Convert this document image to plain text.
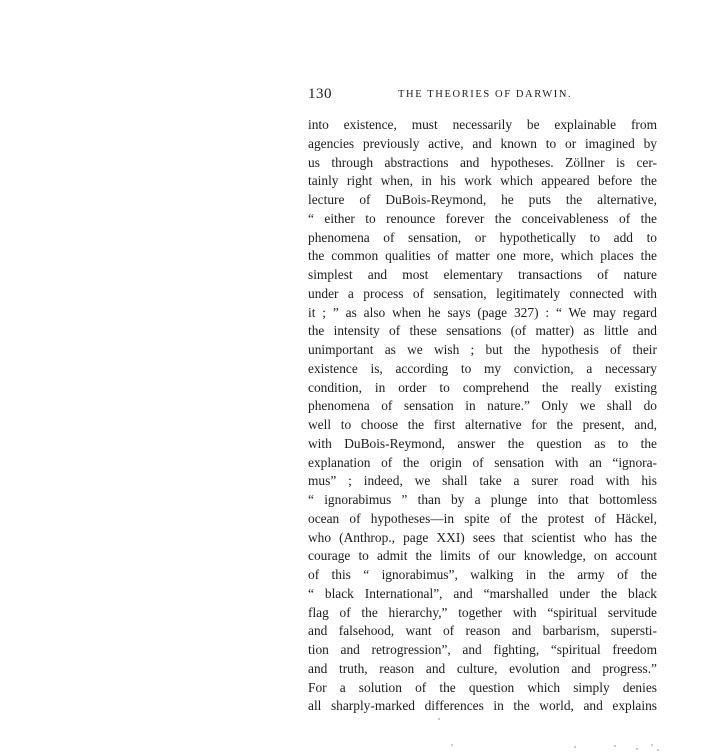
130	THE THEORIES OF DARWIN.
into existence, must necessarily be explainable from
agencies previously active, and known to or imagined by
us through abstractions and hypotheses. Zöllner is cer-
tainly right when, in his work which appeared before the
lecture of DuBois-Reymond, he puts the alternative,
“ either to renounce forever the conceivableness of the
phenomena of sensation, or hypothetically to add to
the common qualities of matter one more, which places the
simplest and most elementary transactions of nature
under a process of sensation, legitimately connected with
it ; ” as also when he says (page 327) : “ We may regard
the intensity of these sensations (of matter) as little and
unimportant as we wish ; but the hypothesis of their
existence is, according to my conviction, a necessary
condition, in order to comprehend the really existing
phenomena of sensation in nature.” Only we shall do
well to choose the first alternative for the present, and,
with DuBois-Reymond, answer the question as to the
explanation of the origin of sensation with an “ignora-
mus” ; indeed, we shall take a surer road with his
“ ignorabimus ” than by a plunge into that bottomless
ocean of hypotheses—in spite of the protest of Häckel,
who (Anthrop., page XXI) sees that scientist who has the
courage to admit the limits of our knowledge, on account
of this “ ignorabimus”, walking in the army of the
“ black International”, and “marshalled under the black
flag of the hierarchy,” together with “spiritual servitude
and falsehood, want of reason and barbarism, supersti-
tion and retrogression”, and fighting, “spiritual freedom
and truth, reason and culture, evolution and progress.”
For a solution of the question which simply denies
all sharply-marked differences in the world, and explains
